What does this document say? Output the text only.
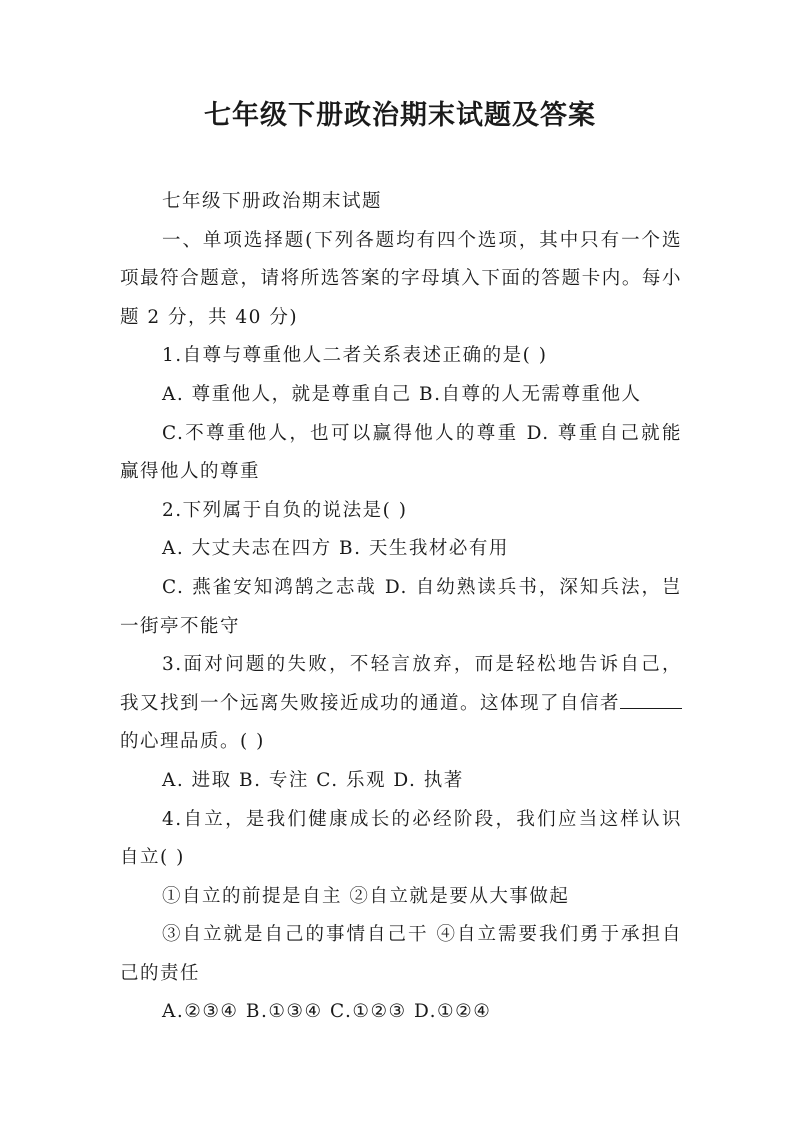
七年级下册政治期末试题及答案

七年级下册政治期末试题

一、单项选择题(下列各题均有四个选项，其中只有一个选项最符合题意，请将所选答案的字母填入下面的答题卡内。每小题 2 分，共 40 分)

1.自尊与尊重他人二者关系表述正确的是( )

A. 尊重他人，就是尊重自己 B.自尊的人无需尊重他人

C.不尊重他人，也可以赢得他人的尊重 D. 尊重自己就能赢得他人的尊重

2.下列属于自负的说法是( )

A. 大丈夫志在四方 B. 天生我材必有用

C. 燕雀安知鸿鹄之志哉 D. 自幼熟读兵书，深知兵法，岂一街亭不能守

3.面对问题的失败，不轻言放弃，而是轻松地告诉自己，我又找到一个远离失败接近成功的通道。这体现了自信者的心理品质。( )

A. 进取 B. 专注 C. 乐观 D. 执著

4.自立，是我们健康成长的必经阶段，我们应当这样认识自立( )

①自立的前提是自主 ②自立就是要从大事做起

③自立就是自己的事情自己干 ④自立需要我们勇于承担自己的责任

A.②③④ B.①③④ C.①②③ D.①②④
